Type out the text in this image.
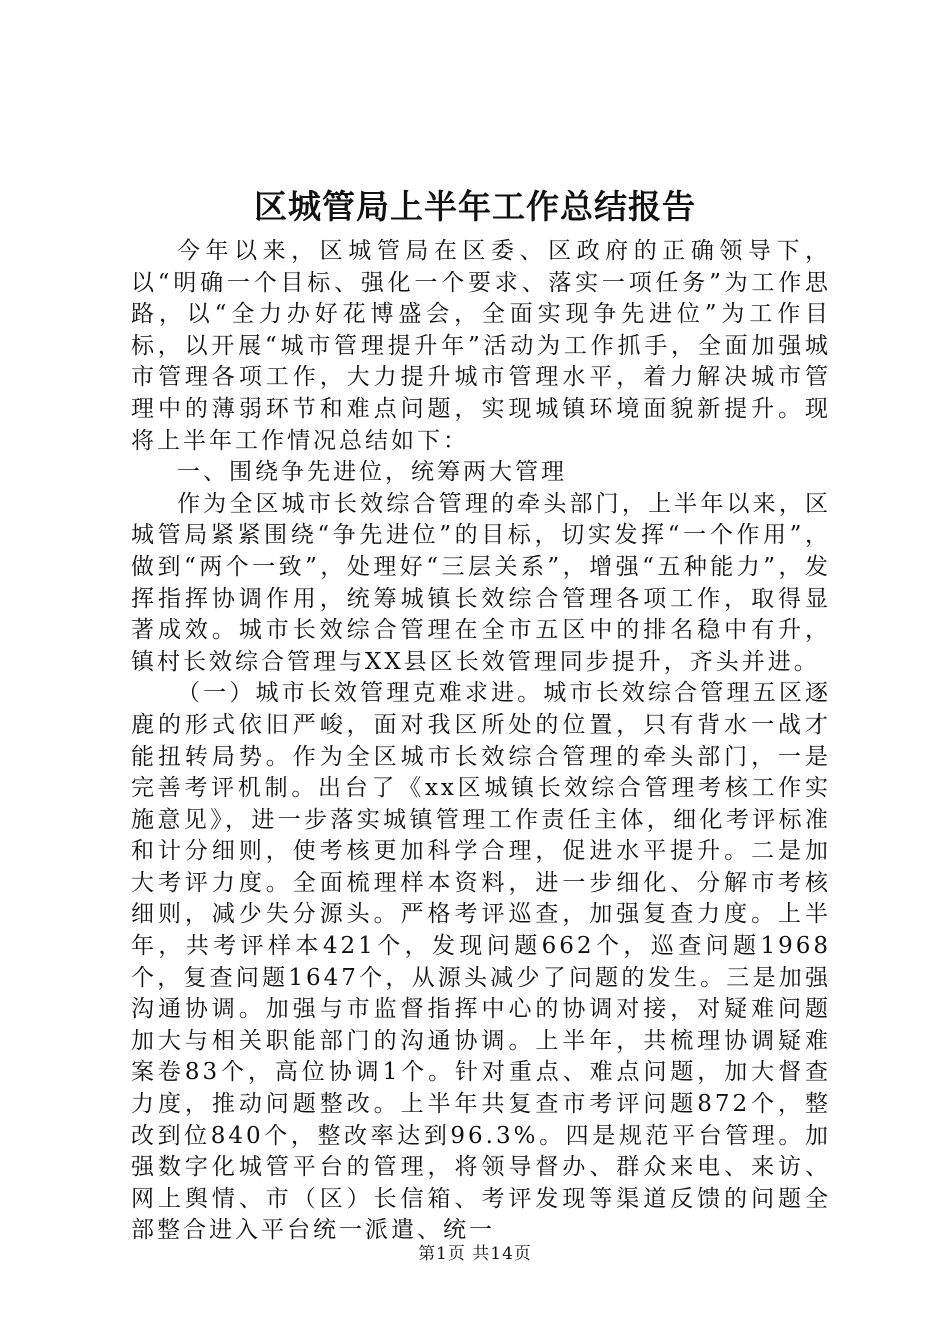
区城管局上半年工作总结报告

今年以来，区城管局在区委、区政府的正确领导下，以“明确一个目标、强化一个要求、落实一项任务”为工作思路，以“全力办好花博盛会，全面实现争先进位”为工作目标，以开展“城市管理提升年”活动为工作抓手，全面加强城市管理各项工作，大力提升城市管理水平，着力解决城市管理中的薄弱环节和难点问题，实现城镇环境面貌新提升。现将上半年工作情况总结如下：

一、围绕争先进位，统筹两大管理

作为全区城市长效综合管理的牵头部门，上半年以来，区城管局紧紧围绕“争先进位”的目标，切实发挥“一个作用”，做到“两个一致”，处理好“三层关系”，增强“五种能力”，发挥指挥协调作用，统筹城镇长效综合管理各项工作，取得显著成效。城市长效综合管理在全市五区中的排名稳中有升，镇村长效综合管理与XX县区长效管理同步提升，齐头并进。

（一）城市长效管理克难求进。城市长效综合管理五区逐鹿的形式依旧严峻，面对我区所处的位置，只有背水一战才能扭转局势。作为全区城市长效综合管理的牵头部门，一是完善考评机制。出台了《xx区城镇长效综合管理考核工作实施意见》，进一步落实城镇管理工作责任主体，细化考评标准和计分细则，使考核更加科学合理，促进水平提升。二是加大考评力度。全面梳理样本资料，进一步细化、分解市考核细则，减少失分源头。严格考评巡查，加强复查力度。上半年，共考评样本421个，发现问题662个，巡查问题1968个，复查问题1647个，从源头减少了问题的发生。三是加强沟通协调。加强与市监督指挥中心的协调对接，对疑难问题加大与相关职能部门的沟通协调。上半年，共梳理协调疑难案卷83个，高位协调1个。针对重点、难点问题，加大督查力度，推动问题整改。上半年共复查市考评问题872个，整改到位840个，整改率达到96.3%。四是规范平台管理。加强数字化城管平台的管理，将领导督办、群众来电、来访、网上舆情、市（区）长信箱、考评发现等渠道反馈的问题全部整合进入平台统一派遣、统一

第1页 共14页
